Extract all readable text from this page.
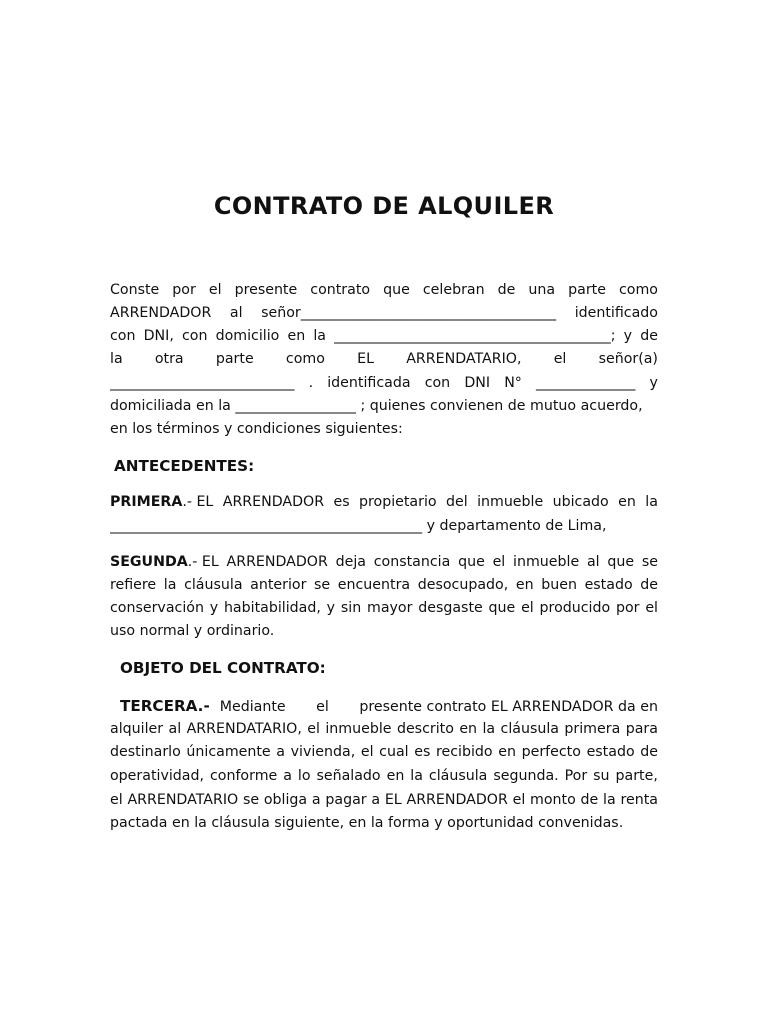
CONTRATO DE ALQUILER
Conste por el presente contrato que celebran de una parte como
ARRENDADOR al señor____________________________________ identificado
con DNI, con domicilio en la _______________________________________; y de
la otra parte como EL ARRENDATARIO, el señor(a)
__________________________ . identificada con DNI N° ______________ y
domiciliada en la _________________ ; quienes convienen de mutuo acuerdo,
en los términos y condiciones siguientes:
ANTECEDENTES:
PRIMERA .- EL ARRENDADOR es propietario del inmueble ubicado en la
____________________________________________ y departamento de Lima,
SEGUNDA .- EL ARRENDADOR deja constancia que el inmueble al que se
refiere la cláusula anterior se encuentra desocupado, en buen estado de
conservación y habitabilidad, y sin mayor desgaste que el producido por el
uso normal y ordinario.
OBJETO DEL CONTRATO:
TERCERA.- Mediante el presente contrato EL ARRENDADOR da en
alquiler al ARRENDATARIO, el inmueble descrito en la cláusula primera para
destinarlo únicamente a vivienda, el cual es recibido en perfecto estado de
operatividad, conforme a lo señalado en la cláusula segunda. Por su parte,
el ARRENDATARIO se obliga a pagar a EL ARRENDADOR el monto de la renta
pactada en la cláusula siguiente, en la forma y oportunidad convenidas.
